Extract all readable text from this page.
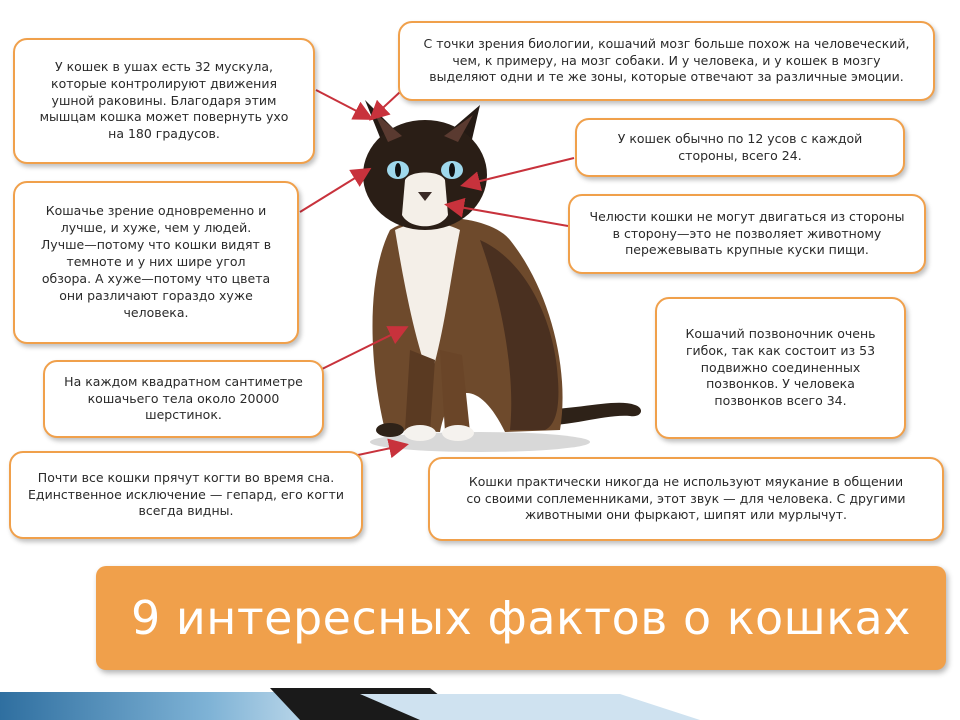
У кошек в ушах есть 32 мускула,
которые контролируют движения
ушной раковины. Благодаря этим
мышцам кошка может повернуть ухо
на 180 градусов.
С точки зрения биологии, кошачий мозг больше похож на человеческий,
чем, к примеру, на мозг собаки. И у человека, и у кошек в мозгу
выделяют одни и те же зоны, которые отвечают за различные эмоции.
У кошек обычно по 12 усов с каждой
стороны, всего 24.
Кошачье зрение одновременно и
лучше, и хуже, чем у людей.
Лучше—потому что кошки видят в
темноте и у них шире угол
обзора. А хуже—потому что цвета
они различают гораздо хуже
человека.
Челюсти кошки не могут двигаться из стороны
в сторону—это не позволяет животному
пережевывать крупные куски пищи.
Кошачий позвоночник очень
гибок, так как состоит из 53
подвижно соединенных
позвонков. У человека
позвонков всего 34.
На каждом квадратном сантиметре
кошачьего тела около 20000
шерстинок.
Почти все кошки прячут когти во время сна.
Единственное исключение — гепард, его когти
всегда видны.
Кошки практически никогда не используют мяукание в общении
со своими соплеменниками, этот звук — для человека. С другими
животными они фыркают, шипят или мурлычут.
9 интересных фактов о кошках
